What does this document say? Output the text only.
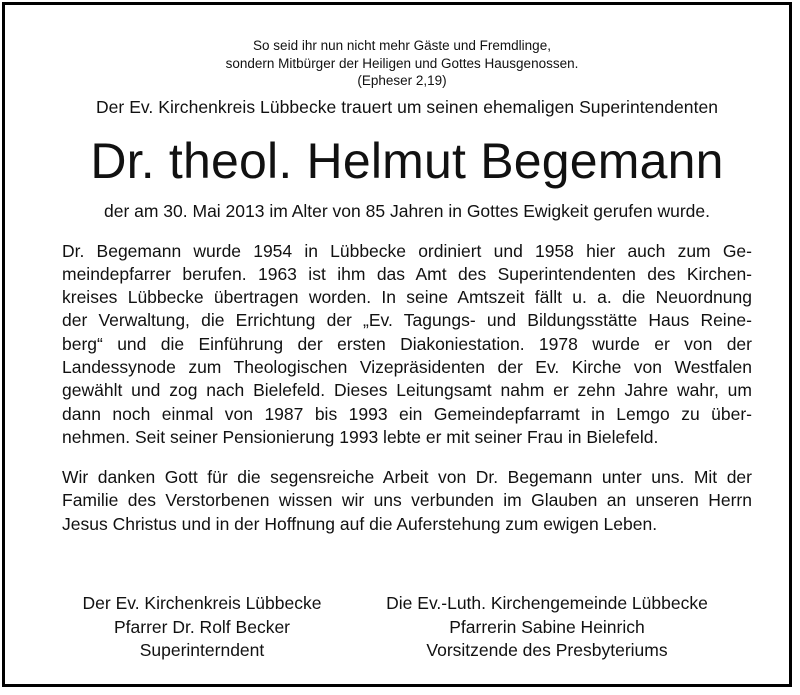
So seid ihr nun nicht mehr Gäste und Fremdlinge,
sondern Mitbürger der Heiligen und Gottes Hausgenossen.
(Epheser 2,19)
Der Ev. Kirchenkreis Lübbecke trauert um seinen ehemaligen Superintendenten
Dr. theol. Helmut Begemann
der am 30. Mai 2013 im Alter von 85 Jahren in Gottes Ewigkeit gerufen wurde.
Dr. Begemann wurde 1954 in Lübbecke ordiniert und 1958 hier auch zum Ge-
meindepfarrer berufen. 1963 ist ihm das Amt des Superintendenten des Kirchen-
kreises Lübbecke übertragen worden. In seine Amtszeit fällt u. a. die Neuordnung
der Verwaltung, die Errichtung der „Ev. Tagungs- und Bildungsstätte Haus Reine-
berg“ und die Einführung der ersten Diakoniestation. 1978 wurde er von der
Landessynode zum Theologischen Vizepräsidenten der Ev. Kirche von Westfalen
gewählt und zog nach Bielefeld. Dieses Leitungsamt nahm er zehn Jahre wahr, um
dann noch einmal von 1987 bis 1993 ein Gemeindepfarramt in Lemgo zu über-
nehmen. Seit seiner Pensionierung 1993 lebte er mit seiner Frau in Bielefeld.
Wir danken Gott für die segensreiche Arbeit von Dr. Begemann unter uns. Mit der
Familie des Verstorbenen wissen wir uns verbunden im Glauben an unseren Herrn
Jesus Christus und in der Hoffnung auf die Auferstehung zum ewigen Leben.
Der Ev. Kirchenkreis Lübbecke
Pfarrer Dr. Rolf Becker
Superinterndent
Die Ev.-Luth. Kirchengemeinde Lübbecke
Pfarrerin Sabine Heinrich
Vorsitzende des Presbyteriums
